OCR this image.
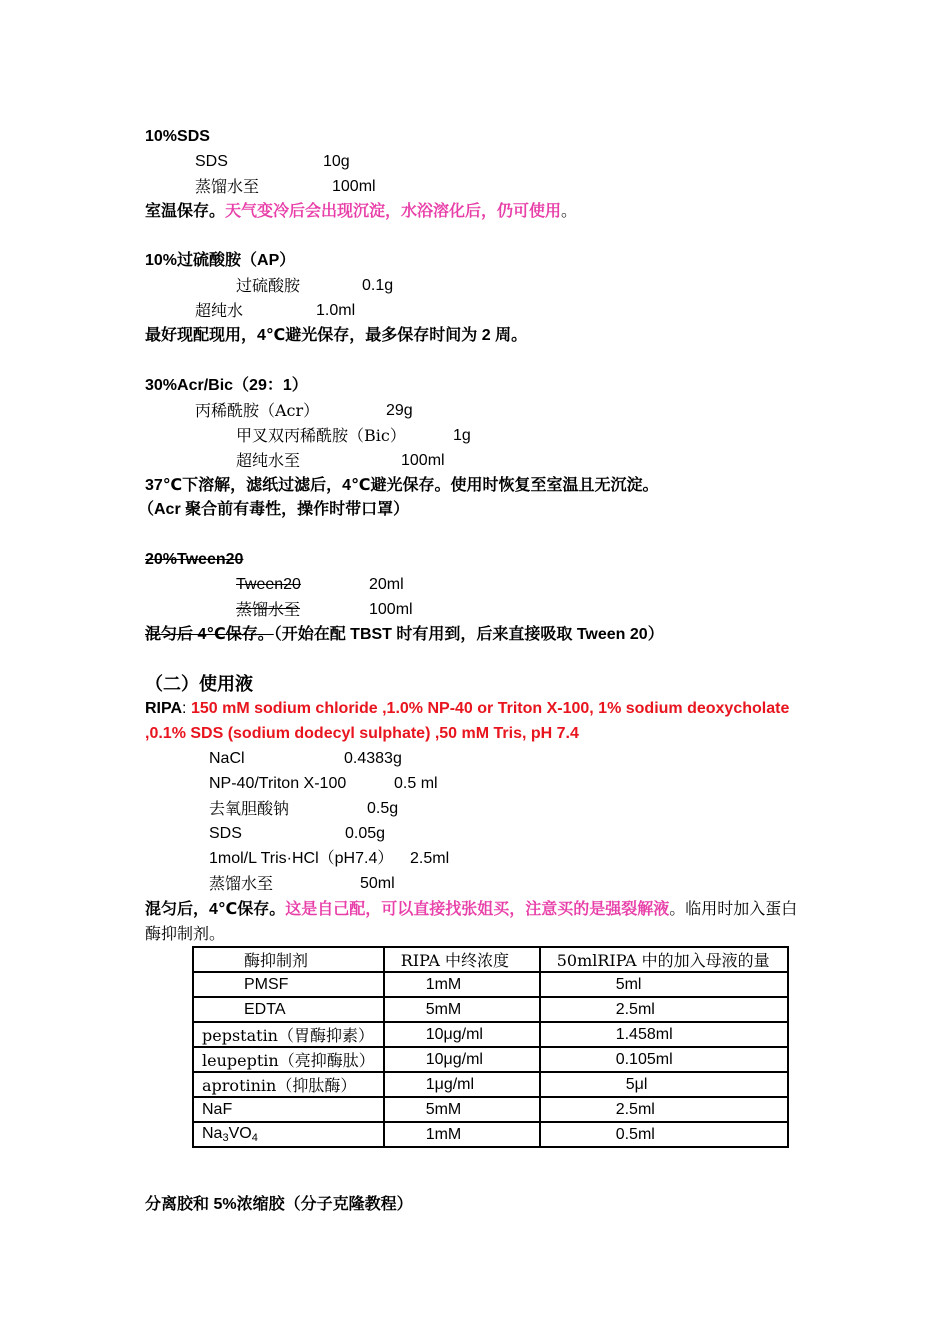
10%SDS
SDS	10g
蒸馏水至	100ml
室温保存。天气变冷后会出现沉淀，水浴溶化后，仍可使用。
10%过硫酸胺（AP）
过硫酸胺	0.1g
超纯水	1.0ml
最好现配现用，4℃避光保存，最多保存时间为 2 周。
30%Acr/Bic（29：1）
丙稀酰胺（Acr）	29g
甲叉双丙稀酰胺（Bic）	1g
超纯水至	100ml
37℃下溶解，滤纸过滤后，4℃避光保存。使用时恢复至室温且无沉淀。
（Acr 聚合前有毒性，操作时带口罩）
20%Tween20
Tween20	20ml
蒸馏水至	100ml
混匀后 4℃保存。（开始在配 TBST 时有用到，后来直接吸取 Tween 20）
（二）使用液
RIPA: 150 mM sodium chloride ,1.0% NP-40 or Triton X-100, 1% sodium deoxycholate
,0.1% SDS (sodium dodecyl sulphate) ,50 mM Tris, pH 7.4
NaCl	0.4383g
NP-40/Triton X-100	0.5 ml
去氧胆酸钠	0.5g
SDS	0.05g
1mol/L Tris·HCl（pH7.4） 2.5ml
蒸馏水至	50ml
混匀后，4℃保存。这是自己配，可以直接找张姐买，注意买的是强裂解液。临用时加入蛋白
酶抑制剂。
酶抑制剂	RIPA 中终浓度	50mlRIPA 中的加入母液的量
PMSF	1mM	5ml
EDTA	5mM	2.5ml
pepstatin（胃酶抑素）	10μg/ml	1.458ml
leupeptin（亮抑酶肽）	10μg/ml	0.105ml
aprotinin（抑肽酶）	1μg/ml	5μl
NaF	5mM	2.5ml
$Na_3VO_4$	1mM	0.5ml
分离胶和 5%浓缩胶（分子克隆教程）
